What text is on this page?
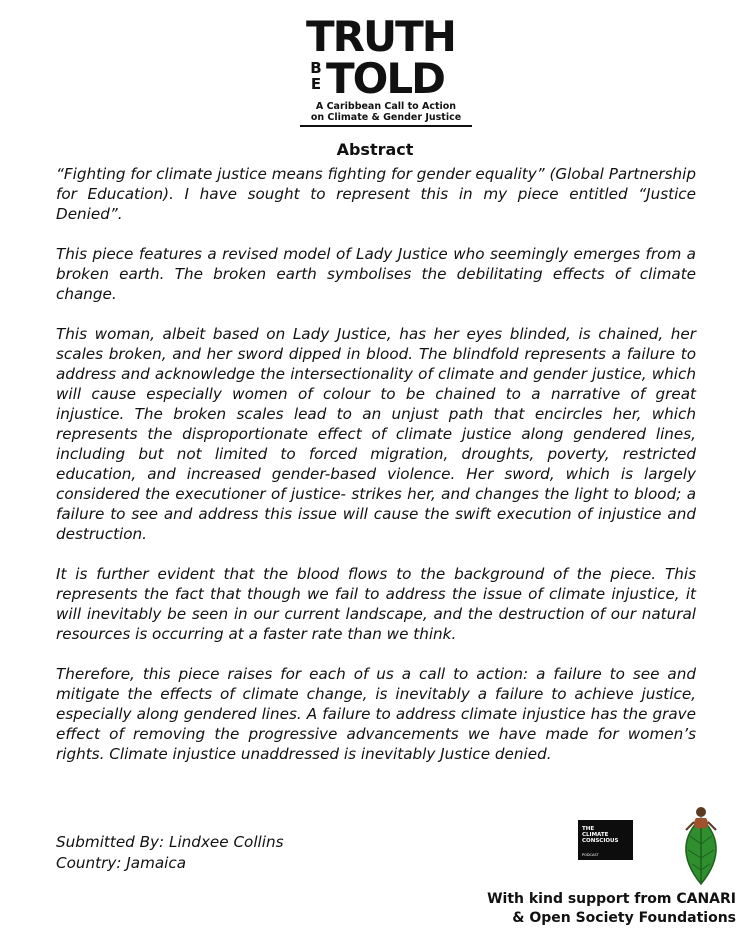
TRUTH
B
E TOLD
A Caribbean Call to Action
on Climate & Gender Justice
Abstract

“Fighting for climate justice means fighting for gender equality” (Global Partnership for Education). I have sought to represent this in my piece entitled “Justice Denied”.

This piece features a revised model of Lady Justice who seemingly emerges from a broken earth. The broken earth symbolises the debilitating effects of climate change.

This woman, albeit based on Lady Justice, has her eyes blinded, is chained, her scales broken, and her sword dipped in blood. The blindfold represents a failure to address and acknowledge the intersectionality of climate and gender justice, which will cause especially women of colour to be chained to a narrative of great injustice. The broken scales lead to an unjust path that encircles her, which represents the disproportionate effect of climate justice along gendered lines, including but not limited to forced migration, droughts, poverty, restricted education, and increased gender-based violence. Her sword, which is largely considered the executioner of justice- strikes her, and changes the light to blood; a failure to see and address this issue will cause the swift execution of injustice and destruction.

It is further evident that the blood flows to the background of the piece. This represents the fact that though we fail to address the issue of climate injustice, it will inevitably be seen in our current landscape, and the destruction of our natural resources is occurring at a faster rate than we think.

Therefore, this piece raises for each of us a call to action: a failure to see and mitigate the effects of climate change, is inevitably a failure to achieve justice, especially along gendered lines. A failure to address climate injustice has the grave effect of removing the progressive advancements we have made for women’s rights. Climate injustice unaddressed is inevitably Justice denied.

Submitted By: Lindxee Collins
Country: Jamaica
THE
CLIMATE
CONSCIOUS
PODCAST
With kind support from CANARI
& Open Society Foundations
